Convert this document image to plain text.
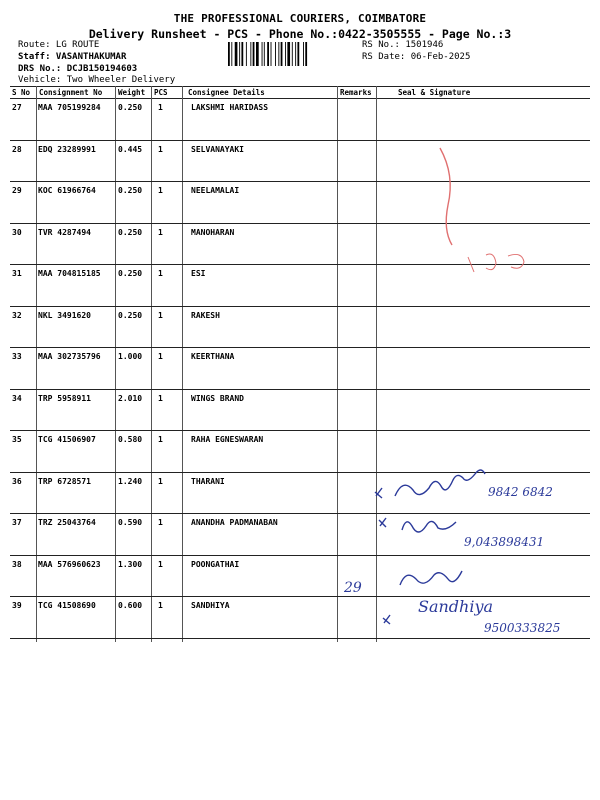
THE PROFESSIONAL COURIERS, COIMBATORE
Delivery Runsheet - PCS - Phone No.:0422-3505555 - Page No.:3
Route: LG ROUTE
Staff: VASANTHAKUMAR
DRS No.: DCJB150194603
Vehicle: Two Wheeler Delivery
RS No.: 1501946
RS Date: 06-Feb-2025
S No Consignment No Weight PCS	Consignee Details	Remarks	Seal & Signature
27 MAA 705199284 0.250 1	LAKSHMI HARIDASS
28 EDQ 23289991	0.445 1	SELVANAYAKI
29 KOC 61966764	0.250 1	NEELAMALAI
30 TVR 4287494	0.250 1	MANOHARAN
31 MAA 704815185 0.250 1	ESI
32 NKL 3491620	0.250 1	RAKESH
33 MAA 302735796 1.000 1	KEERTHANA
34 TRP 5958911	2.010 1	WINGS BRAND
35 TCG 41506907	0.580 1	RAHA EGNESWARAN
36 TRP 6728571	1.240 1	THARANI
37 TRZ 25043764	0.590 1	ANANDHA PADMANABAN
38 MAA 576960623 1.300 1	POONGATHAI
39 TCG 41508690	0.600 1	SANDHIYA
9842 6842
9,043898431
29
Sandhiya
9500333825
